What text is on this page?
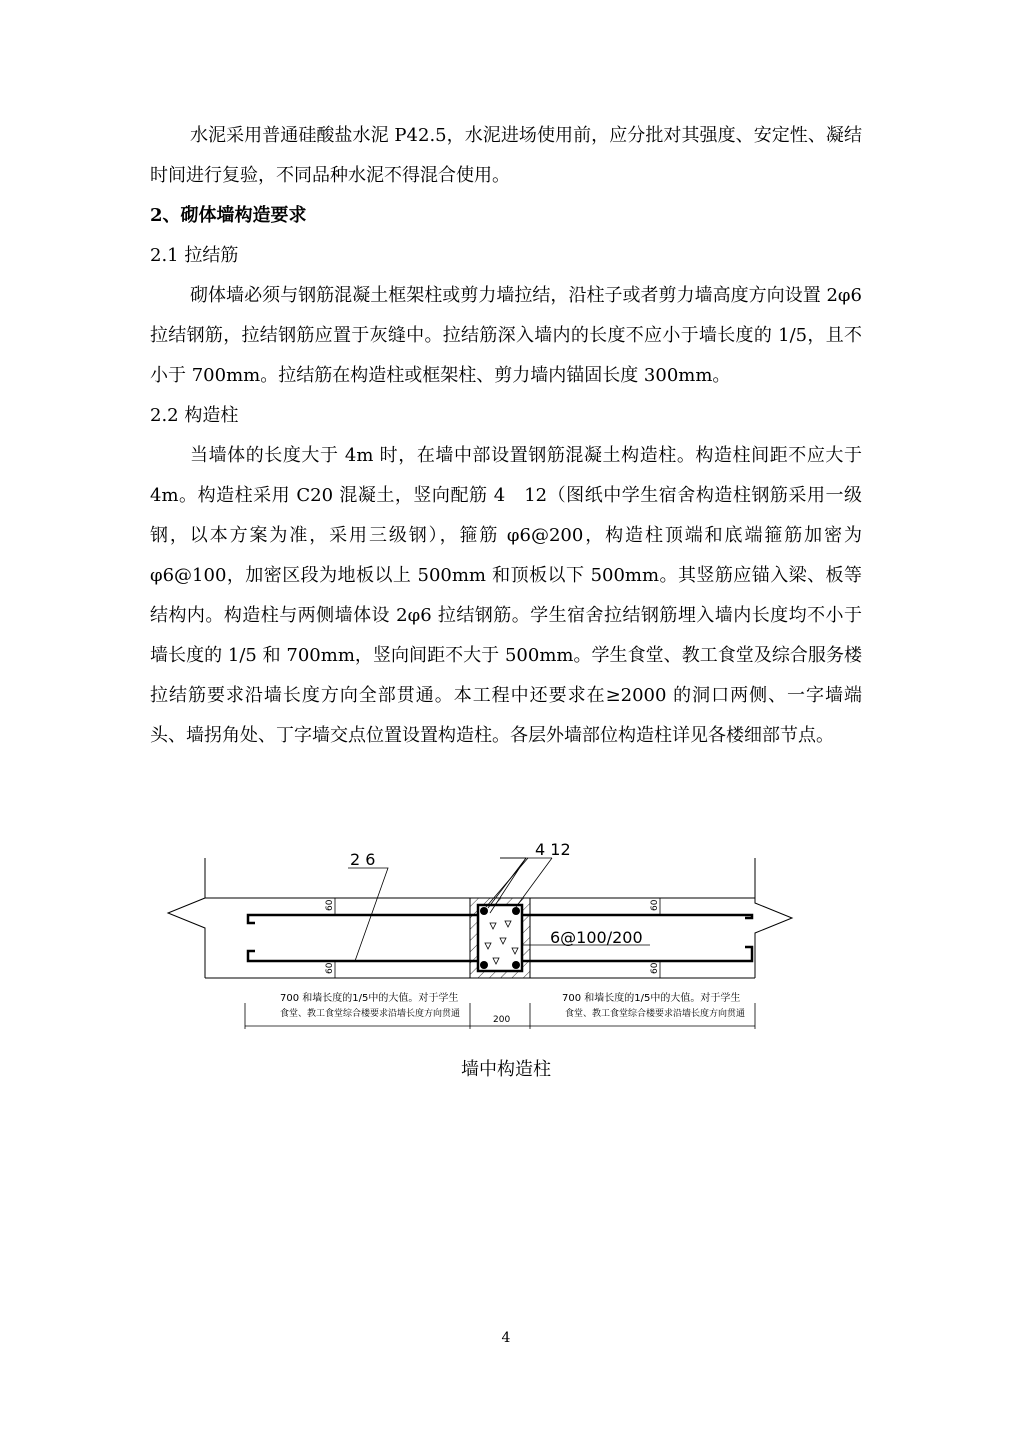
水泥采用普通硅酸盐水泥 P42.5，水泥进场使用前，应分批对其强度、安定性、凝结时间进行复验，不同品种水泥不得混合使用。

2、砌体墙构造要求

2.1 拉结筋

砌体墙必须与钢筋混凝土框架柱或剪力墙拉结，沿柱子或者剪力墙高度方向设置 2φ6 拉结钢筋，拉结钢筋应置于灰缝中。拉结筋深入墙内的长度不应小于墙长度的 1/5，且不小于 700mm。拉结筋在构造柱或框架柱、剪力墙内锚固长度 300mm。

2.2 构造柱

当墙体的长度大于 4m 时，在墙中部设置钢筋混凝土构造柱。构造柱间距不应大于 4m。构造柱采用 C20 混凝土，竖向配筋 4　12（图纸中学生宿舍构造柱钢筋采用一级钢，以本方案为准，采用三级钢），箍筋 φ6@200，构造柱顶端和底端箍筋加密为 φ6@100，加密区段为地板以上 500mm 和顶板以下 500mm。其竖筋应锚入梁、板等结构内。构造柱与两侧墙体设 2φ6 拉结钢筋。学生宿舍拉结钢筋埋入墙内长度均不小于墙长度的 1/5 和 700mm，竖向间距不大于 500mm。学生食堂、教工食堂及综合服务楼拉结筋要求沿墙长度方向全部贯通。本工程中还要求在≥2000 的洞口两侧、一字墙端头、墙拐角处、丁字墙交点位置设置构造柱。各层外墙部位构造柱详见各楼细部节点。

2 6
4 12
6@100/200
60
60
60
60
200
700 和墙长度的1/5中的大值。对于学生
食堂、教工食堂综合楼要求沿墙长度方向贯通
700 和墙长度的1/5中的大值。对于学生
食堂、教工食堂综合楼要求沿墙长度方向贯通
墙中构造柱
4
